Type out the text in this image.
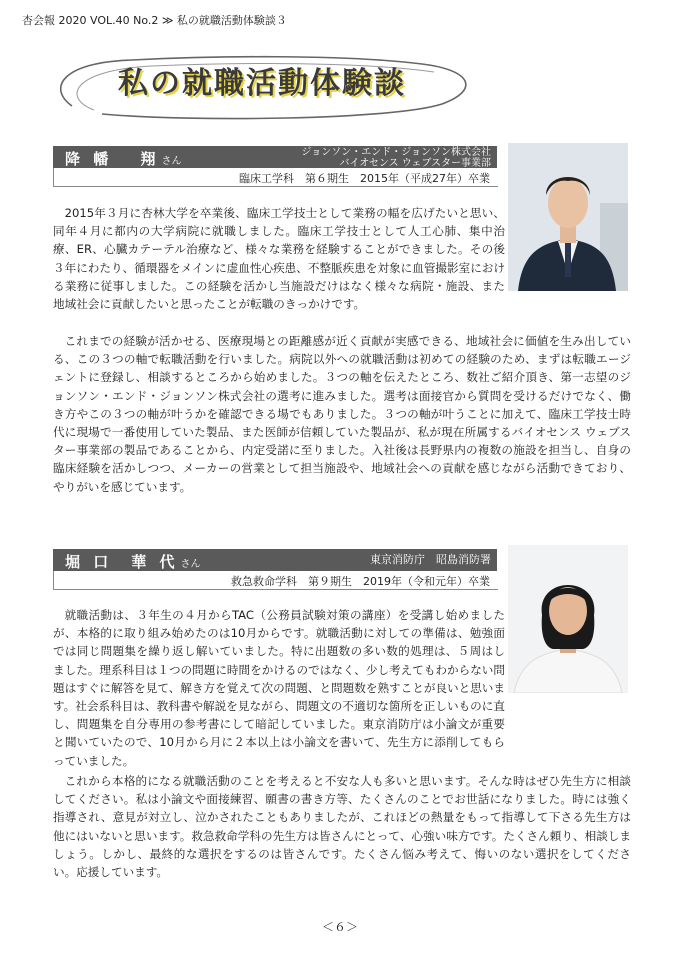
杏会報 2020 VOL.40 No.2 ≫ 私の就職活動体験談３
私の就職活動体験談
降 幡　 翔 さん
ジョンソン・エンド・ジョンソン株式会社
バイオセンス ウェブスター事業部
臨床工学科　第６期生　2015年（平成27年）卒業

2015年３月に杏林大学を卒業後、臨床工学技士として業務の幅を広げたいと思い、同年４月に都内の大学病院に就職しました。臨床工学技士として人工心肺、集中治療、ER、心臓カテーテル治療など、様々な業務を経験することができました。その後３年にわたり、循環器をメインに虚血性心疾患、不整脈疾患を対象に血管撮影室における業務に従事しました。この経験を活かし当施設だけはなく様々な病院・施設、また地域社会に貢献したいと思ったことが転職のきっかけです。

これまでの経験が活かせる、医療現場との距離感が近く貢献が実感できる、地域社会に価値を生み出している、この３つの軸で転職活動を行いました。病院以外への就職活動は初めての経験のため、まずは転職エージェントに登録し、相談するところから始めました。３つの軸を伝えたところ、数社ご紹介頂き、第一志望のジョンソン・エンド・ジョンソン株式会社の選考に進みました。選考は面接官から質問を受けるだけでなく、働き方やこの３つの軸が叶うかを確認できる場でもありました。３つの軸が叶うことに加えて、臨床工学技士時代に現場で一番使用していた製品、また医師が信頼していた製品が、私が現在所属するバイオセンス ウェブスター事業部の製品であることから、内定受諾に至りました。入社後は長野県内の複数の施設を担当し、自身の臨床経験を活かしつつ、メーカーの営業として担当施設や、地域社会への貢献を感じながら活動できており、やりがいを感じています。

堀 口　華 代 さん	東京消防庁　昭島消防署
救急救命学科　第９期生　2019年（令和元年）卒業

就職活動は、３年生の４月からTAC（公務員試験対策の講座）を受講し始めましたが、本格的に取り組み始めたのは10月からです。就職活動に対しての準備は、勉強面では同じ問題集を繰り返し解いていました。特に出題数の多い数的処理は、５周はしました。理系科目は１つの問題に時間をかけるのではなく、少し考えてもわからない問題はすぐに解答を見て、解き方を覚えて次の問題、と問題数を熟すことが良いと思います。社会系科目は、教科書や解説を見ながら、問題文の不適切な箇所を正しいものに直し、問題集を自分専用の参考書にして暗記していました。東京消防庁は小論文が重要と聞いていたので、10月から月に２本以上は小論文を書いて、先生方に添削してもらっていました。

これから本格的になる就職活動のことを考えると不安な人も多いと思います。そんな時はぜひ先生方に相談してください。私は小論文や面接練習、願書の書き方等、たくさんのことでお世話になりました。時には強く指導され、意見が対立し、泣かされたこともありましたが、これほどの熱量をもって指導して下さる先生方は他にはいないと思います。救急救命学科の先生方は皆さんにとって、心強い味方です。たくさん頼り、相談しましょう。しかし、最終的な選択をするのは皆さんです。たくさん悩み考えて、悔いのない選択をしてください。応援しています。

＜６＞
